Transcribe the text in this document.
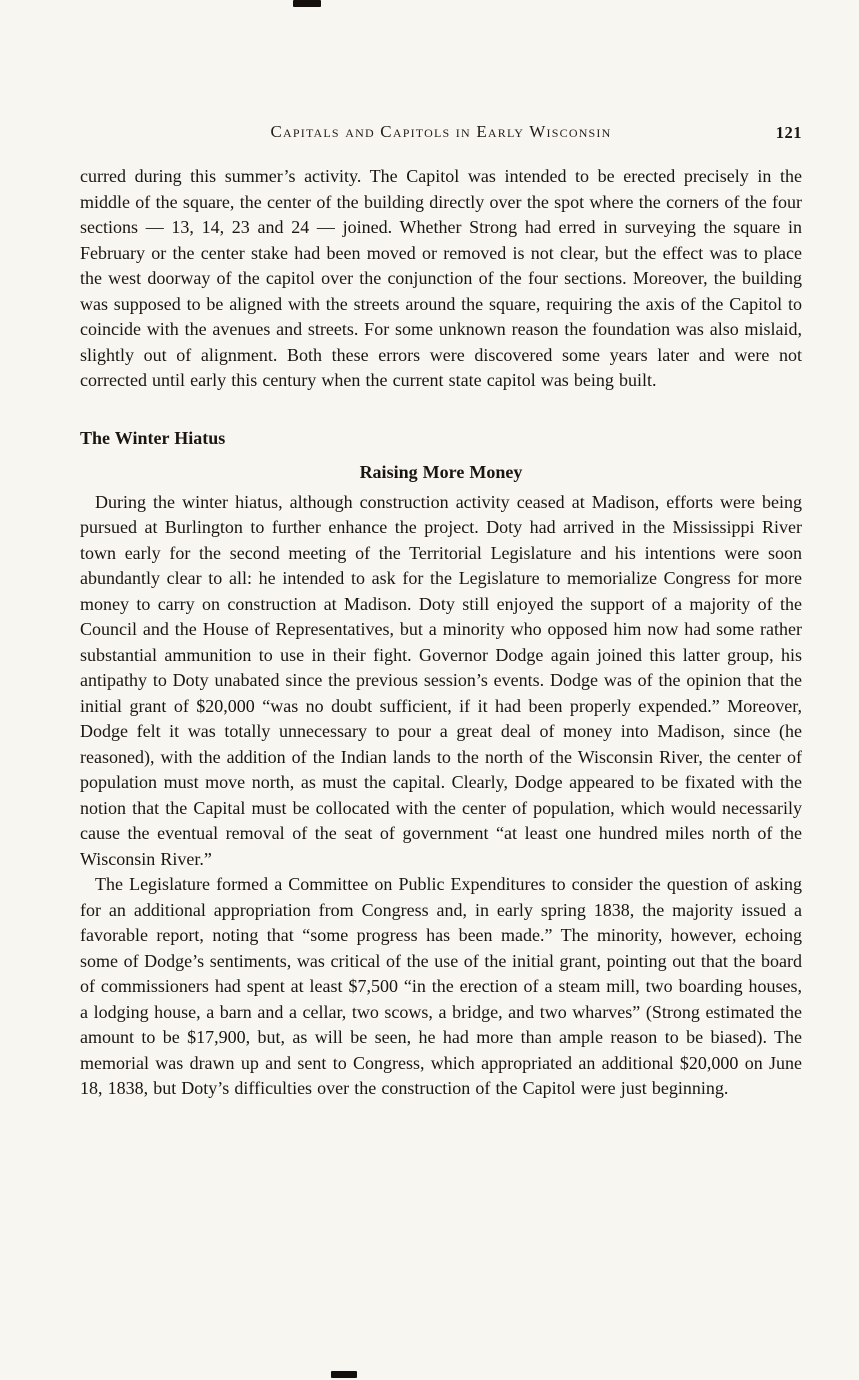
Capitals and Capitols in Early Wisconsin	121

curred during this summer’s activity. The Capitol was intended to be erected precisely in the middle of the square, the center of the building directly over the spot where the corners of the four sections — 13, 14, 23 and 24 — joined. Whether Strong had erred in surveying the square in February or the center stake had been moved or removed is not clear, but the effect was to place the west doorway of the capitol over the conjunction of the four sections. Moreover, the building was supposed to be aligned with the streets around the square, requiring the axis of the Capitol to coincide with the avenues and streets. For some unknown reason the foundation was also mislaid, slightly out of alignment. Both these errors were discovered some years later and were not corrected until early this century when the current state capitol was being built.

The Winter Hiatus
Raising More Money

During the winter hiatus, although construction activity ceased at Madison, efforts were being pursued at Burlington to further enhance the project. Doty had arrived in the Mississippi River town early for the second meeting of the Territorial Legislature and his intentions were soon abundantly clear to all: he intended to ask for the Legislature to memorialize Congress for more money to carry on construction at Madison. Doty still enjoyed the support of a majority of the Council and the House of Representatives, but a minority who opposed him now had some rather substantial ammunition to use in their fight. Governor Dodge again joined this latter group, his antipathy to Doty unabated since the previous session’s events. Dodge was of the opinion that the initial grant of $20,000 “was no doubt sufficient, if it had been properly expended.” Moreover, Dodge felt it was totally unnecessary to pour a great deal of money into Madison, since (he reasoned), with the addition of the Indian lands to the north of the Wisconsin River, the center of population must move north, as must the capital. Clearly, Dodge appeared to be fixated with the notion that the Capital must be collocated with the center of population, which would necessarily cause the eventual removal of the seat of government “at least one hundred miles north of the Wisconsin River.”

The Legislature formed a Committee on Public Expenditures to consider the question of asking for an additional appropriation from Congress and, in early spring 1838, the majority issued a favorable report, noting that “some progress has been made.” The minority, however, echoing some of Dodge’s sentiments, was critical of the use of the initial grant, pointing out that the board of commissioners had spent at least $7,500 “in the erection of a steam mill, two boarding houses, a lodging house, a barn and a cellar, two scows, a bridge, and two wharves” (Strong estimated the amount to be $17,900, but, as will be seen, he had more than ample reason to be biased). The memorial was drawn up and sent to Congress, which appropriated an additional $20,000 on June 18, 1838, but Doty’s difficulties over the construction of the Capitol were just beginning.
